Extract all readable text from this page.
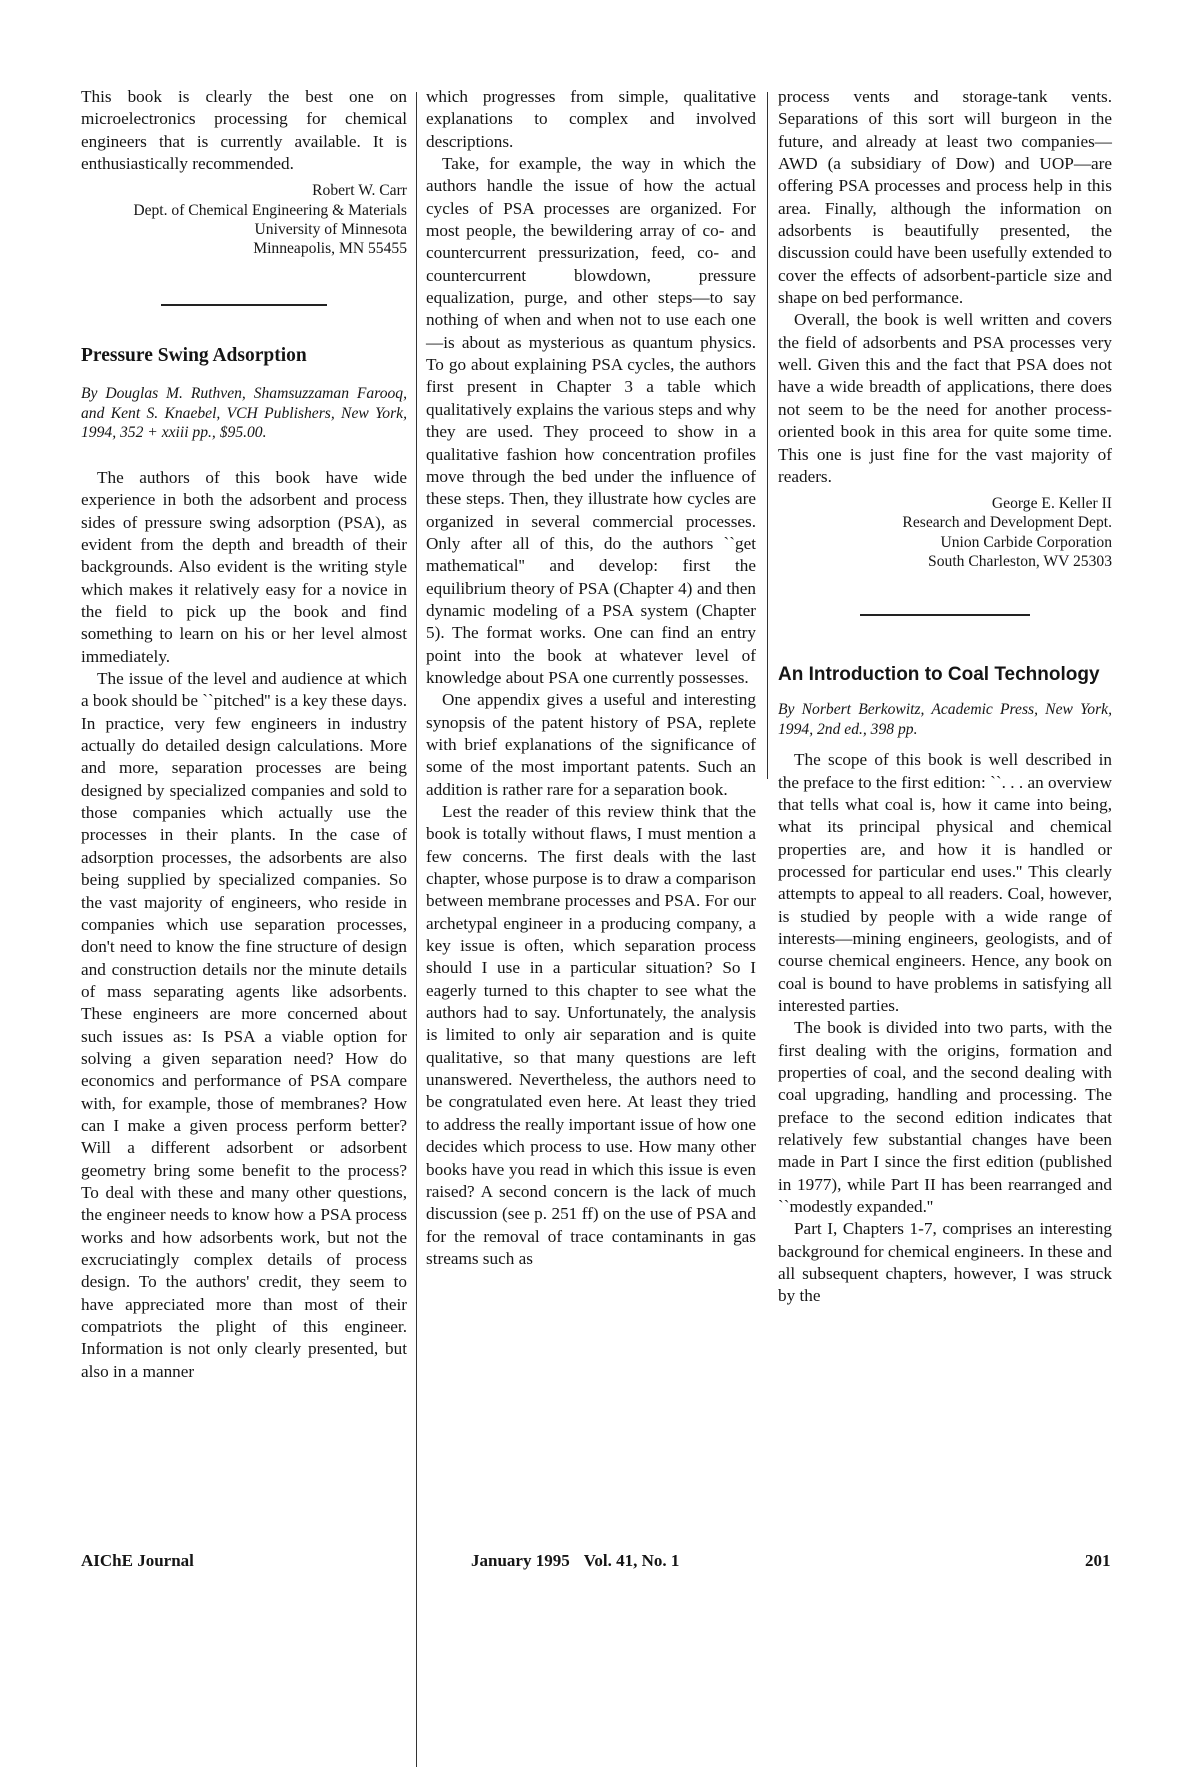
This book is clearly the best one on microelectronics processing for chemical engineers that is currently available. It is enthusiastically recommended.

Robert W. Carr
Dept. of Chemical Engineering & Materials
University of Minnesota
Minneapolis, MN 55455
Pressure Swing Adsorption

By Douglas M. Ruthven, Shamsuzzaman Farooq, and Kent S. Knaebel, VCH Publishers, New York, 1994, 352 + xxiii pp., $95.00.

The authors of this book have wide experience in both the adsorbent and process sides of pressure swing adsorption (PSA), as evident from the depth and breadth of their backgrounds. Also evident is the writing style which makes it relatively easy for a novice in the field to pick up the book and find something to learn on his or her level almost immediately.

The issue of the level and audience at which a book should be ``pitched'' is a key these days. In practice, very few engineers in industry actually do detailed design calculations. More and more, separation processes are being designed by specialized companies and sold to those companies which actually use the processes in their plants. In the case of adsorption processes, the adsorbents are also being supplied by specialized companies. So the vast majority of engineers, who reside in companies which use separation processes, don't need to know the fine structure of design and construction details nor the minute details of mass separating agents like adsorbents. These engineers are more concerned about such issues as: Is PSA a viable option for solving a given separation need? How do economics and performance of PSA compare with, for example, those of membranes? How can I make a given process perform better? Will a different adsorbent or adsorbent geometry bring some benefit to the process? To deal with these and many other questions, the engineer needs to know how a PSA process works and how adsorbents work, but not the excruciatingly complex details of process design. To the authors' credit, they seem to have appreciated more than most of their compatriots the plight of this engineer. Information is not only clearly presented, but also in a manner

which progresses from simple, qualitative explanations to complex and involved descriptions.

Take, for example, the way in which the authors handle the issue of how the actual cycles of PSA processes are organized. For most people, the bewildering array of co- and countercurrent pressurization, feed, co- and countercurrent blowdown, pressure equalization, purge, and other steps—to say nothing of when and when not to use each one—is about as mysterious as quantum physics. To go about explaining PSA cycles, the authors first present in Chapter 3 a table which qualitatively explains the various steps and why they are used. They proceed to show in a qualitative fashion how concentration profiles move through the bed under the influence of these steps. Then, they illustrate how cycles are organized in several commercial processes. Only after all of this, do the authors ``get mathematical'' and develop: first the equilibrium theory of PSA (Chapter 4) and then dynamic modeling of a PSA system (Chapter 5). The format works. One can find an entry point into the book at whatever level of knowledge about PSA one currently possesses.

One appendix gives a useful and interesting synopsis of the patent history of PSA, replete with brief explanations of the significance of some of the most important patents. Such an addition is rather rare for a separation book.

Lest the reader of this review think that the book is totally without flaws, I must mention a few concerns. The first deals with the last chapter, whose purpose is to draw a comparison between membrane processes and PSA. For our archetypal engineer in a producing company, a key issue is often, which separation process should I use in a particular situation? So I eagerly turned to this chapter to see what the authors had to say. Unfortunately, the analysis is limited to only air separation and is quite qualitative, so that many questions are left unanswered. Nevertheless, the authors need to be congratulated even here. At least they tried to address the really important issue of how one decides which process to use. How many other books have you read in which this issue is even raised? A second concern is the lack of much discussion (see p. 251 ff) on the use of PSA and for the removal of trace contaminants in gas streams such as

process vents and storage-tank vents. Separations of this sort will burgeon in the future, and already at least two companies—AWD (a subsidiary of Dow) and UOP—are offering PSA processes and process help in this area. Finally, although the information on adsorbents is beautifully presented, the discussion could have been usefully extended to cover the effects of adsorbent-particle size and shape on bed performance.

Overall, the book is well written and covers the field of adsorbents and PSA processes very well. Given this and the fact that PSA does not have a wide breadth of applications, there does not seem to be the need for another process-oriented book in this area for quite some time. This one is just fine for the vast majority of readers.

George E. Keller II
Research and Development Dept.
Union Carbide Corporation
South Charleston, WV 25303
An Introduction to Coal Technology

By Norbert Berkowitz, Academic Press, New York, 1994, 2nd ed., 398 pp.

The scope of this book is well described in the preface to the first edition: ``. . . an overview that tells what coal is, how it came into being, what its principal physical and chemical properties are, and how it is handled or processed for particular end uses.'' This clearly attempts to appeal to all readers. Coal, however, is studied by people with a wide range of interests—mining engineers, geologists, and of course chemical engineers. Hence, any book on coal is bound to have problems in satisfying all interested parties.

The book is divided into two parts, with the first dealing with the origins, formation and properties of coal, and the second dealing with coal upgrading, handling and processing. The preface to the second edition indicates that relatively few substantial changes have been made in Part I since the first edition (published in 1977), while Part II has been rearranged and ``modestly expanded.''

Part I, Chapters 1-7, comprises an interesting background for chemical engineers. In these and all subsequent chapters, however, I was struck by the

AIChE Journal	January 1995 Vol. 41, No. 1	201
